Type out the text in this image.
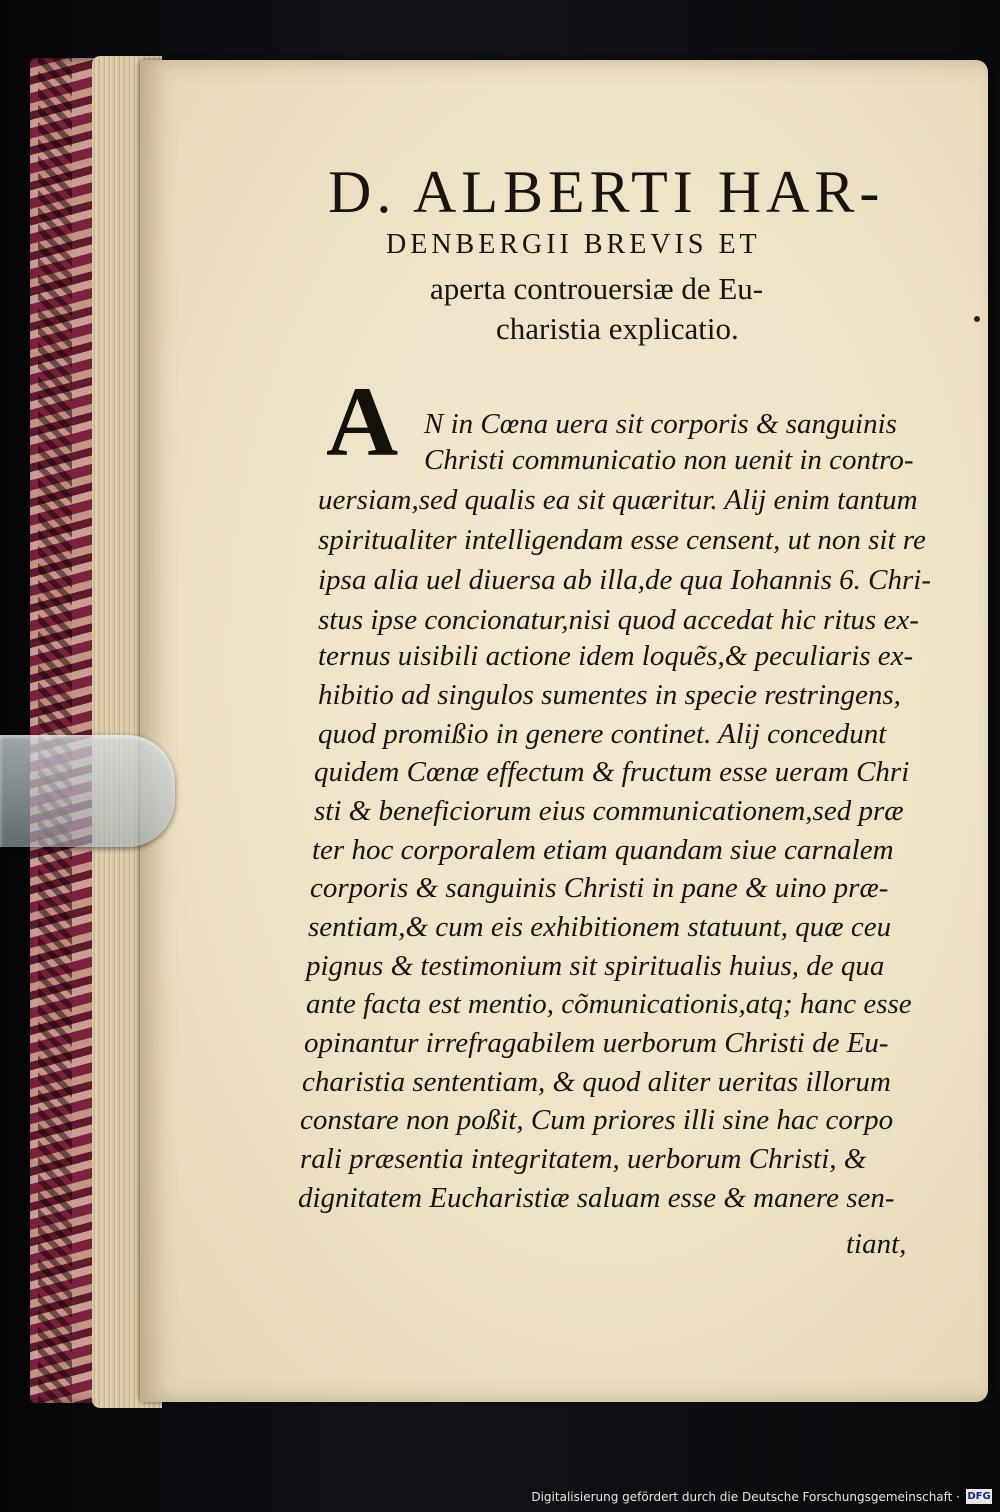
D. ALBERTI HAR-
DENBERGII BREVIS ET
aperta controuersiæ de Eu-
charistia explicatio.
A N in Cœna uera sit corporis & sanguinis
Christi communicatio non uenit in contro-
uersiam,sed qualis ea sit quæritur. Alij enim tantum
spiritualiter intelligendam esse censent, ut non sit re
ipsa alia uel diuersa ab illa,de qua Iohannis 6. Chri-
stus ipse concionatur,nisi quod accedat hic ritus ex-
ternus uisibili actione idem loquẽs,& peculiaris ex-
hibitio ad singulos sumentes in specie restringens,
quod promißio in genere continet. Alij concedunt
quidem Cœnæ effectum & fructum esse ueram Chri
sti & beneficiorum eius communicationem,sed præ
ter hoc corporalem etiam quandam siue carnalem
corporis & sanguinis Christi in pane & uino præ-
sentiam,& cum eis exhibitionem statuunt, quæ ceu
pignus & testimonium sit spiritualis huius, de qua
ante facta est mentio, cõmunicationis,atq; hanc esse
opinantur irrefragabilem uerborum Christi de Eu-
charistia sententiam, & quod aliter ueritas illorum
constare non poßit, Cum priores illi sine hac corpo
rali præsentia integritatem, uerborum Christi, &
dignitatem Eucharistiæ saluam esse & manere sen-
tiant,
Digitalisierung gefördert durch die Deutsche Forschungsgemeinschaft · DFG
